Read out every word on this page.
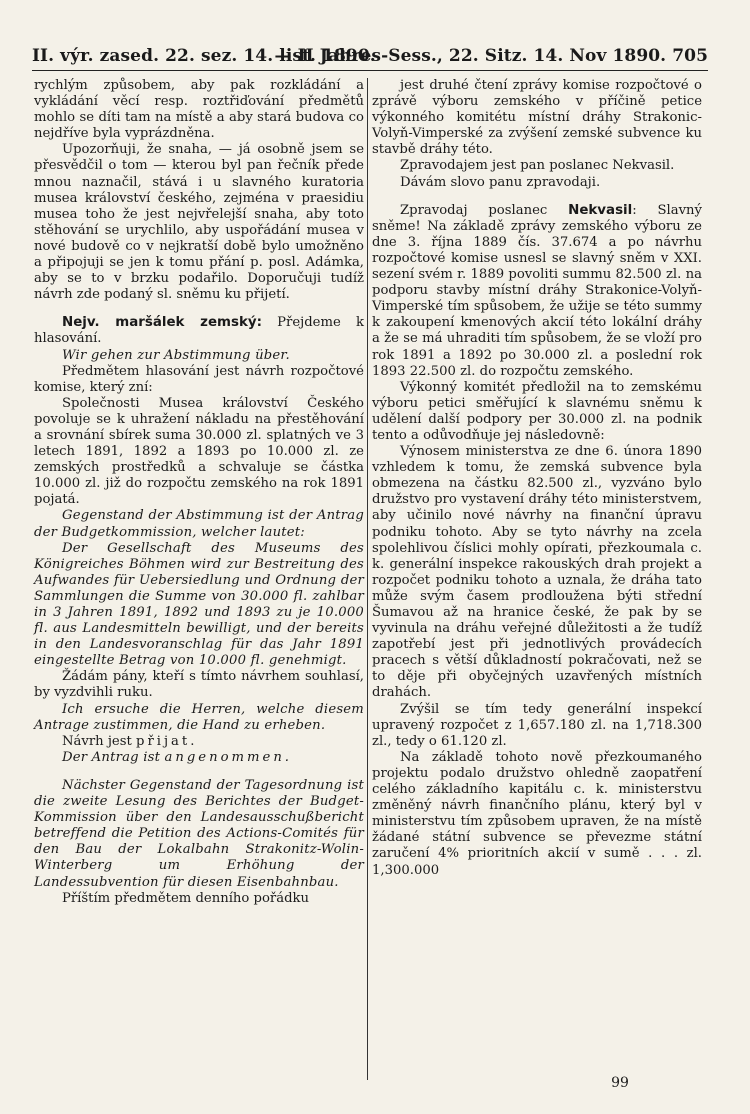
II. výr. zased. 22. sez. 14. list. 1890.
— II Jahres-Sess., 22. Sitz. 14. Nov 1890. 705

rychlým způsobem, aby pak rozkládání a vykládání věcí resp. roztřiďování předmětů mohlo se díti tam na místě a aby stará budova co nejdříve byla vyprázdněna.

Upozorňuji, že snaha, — já osobně jsem se přesvědčil o tom — kterou byl pan řečník přede mnou naznačil, stává i u slavného kuratoria musea království českého, zejména v praesidiu musea toho že jest nejvřelejší snaha, aby toto stěhování se urychlilo, aby uspořádání musea v nové budově co v nejkratší době bylo umožněno a připojuji se jen k tomu přání p. posl. Adámka, aby se to v brzku podařilo. Doporučuji tudíž návrh zde podaný sl. sněmu ku přijetí.

Nejv. maršálek zemský: Přejdeme k hlasování.

Wir gehen zur Abstimmung über.

Předmětem hlasování jest návrh rozpočtové komise, který zní:

Společnosti Musea království Českého povoluje se k uhražení nákladu na přestěhování a srovnání sbírek suma 30.000 zl. splatných ve 3 letech 1891, 1892 a 1893 po 10.000 zl. ze zemských prostředků a schvaluje se částka 10.000 zl. již do rozpočtu zemského na rok 1891 pojatá.

Gegenstand der Abstimmung ist der Antrag der Budgetkommission, welcher lautet:

Der Gesellschaft des Museums des Königreiches Böhmen wird zur Bestreitung des Aufwandes für Uebersiedlung und Ordnung der Sammlungen die Summe von 30.000 fl. zahlbar in 3 Jahren 1891, 1892 und 1893 zu je 10.000 fl. aus Landesmitteln bewilligt, und der bereits in den Landesvoranschlag für das Jahr 1891 eingestellte Betrag von 10.000 fl. genehmigt.

Žádám pány, kteří s tímto návrhem souhlasí, by vyzdvihli ruku.

Ich ersuche die Herren, welche diesem Antrage zustimmen, die Hand zu erheben.

Návrh jest přijat.

Der Antrag ist angenommen.

Nächster Gegenstand der Tagesordnung ist die zweite Lesung des Berichtes der Budget-Kommission über den Landesausschußbericht betreffend die Petition des Actions-Comités für den Bau der Lokalbahn Strakonitz-Wolin-Winterberg um Erhöhung der Landessubvention für diesen Eisenbahnbau.

Příštím předmětem denního pořádku

jest druhé čtení zprávy komise rozpočtové o zprávě výboru zemského v příčině petice výkonného komitétu místní dráhy Strakonic-Volyň-Vimperské za zvýšení zemské subvence ku stavbě dráhy této.

Zpravodajem jest pan poslanec Nekvasil.

Dávám slovo panu zpravodaji.

Zpravodaj poslanec Nekvasil: Slavný sněme! Na základě zprávy zemského výboru ze dne 3. října 1889 čís. 37.674 a po návrhu rozpočtové komise usnesl se slavný sněm v XXI. sezení svém r. 1889 povoliti summu 82.500 zl. na podporu stavby místní dráhy Strakonice-Volyň-Vimperské tím spůsobem, že užije se této summy k zakoupení kmenových akcií této lokální dráhy a že se má uhraditi tím spůsobem, že se vloží pro rok 1891 a 1892 po 30.000 zl. a poslední rok 1893 22.500 zl. do rozpočtu zemského.

Výkonný komitét předložil na to zemskému výboru petici směřující k slavnému sněmu k udělení další podpory per 30.000 zl. na podnik tento a odůvodňuje jej následovně:

Výnosem ministerstva ze dne 6. února 1890 vzhledem k tomu, že zemská subvence byla obmezena na částku 82.500 zl., vyzváno bylo družstvo pro vystavení dráhy této ministerstvem, aby učinilo nové návrhy na finanční úpravu podniku tohoto. Aby se tyto návrhy na zcela spolehlivou číslici mohly opírati, přezkoumala c. k. generální inspekce rakouských drah projekt a rozpočet podniku tohoto a uznala, že dráha tato může svým časem prodloužena býti střední Šumavou až na hranice české, že pak by se vyvinula na dráhu veřejné důležitosti a že tudíž zapotřebí jest při jednotlivých provádecích pracech s větší důkladností pokračovati, než se to děje při obyčejných uzavřených místních drahách.

Zvýšil se tím tedy generální inspekcí upravený rozpočet z 1,657.180 zl. na 1,718.300 zl., tedy o 61.120 zl.

Na základě tohoto nově přezkoumaného projektu podalo družstvo ohledně zaopatření celého základního kapitálu c. k. ministerstvu změněný návrh finančního plánu, který byl v ministerstvu tím způsobem upraven, že na místě žádané státní subvence se převezme státní zaručení 4% prioritních akcií v sumě . . . zl. 1,300.000

99
